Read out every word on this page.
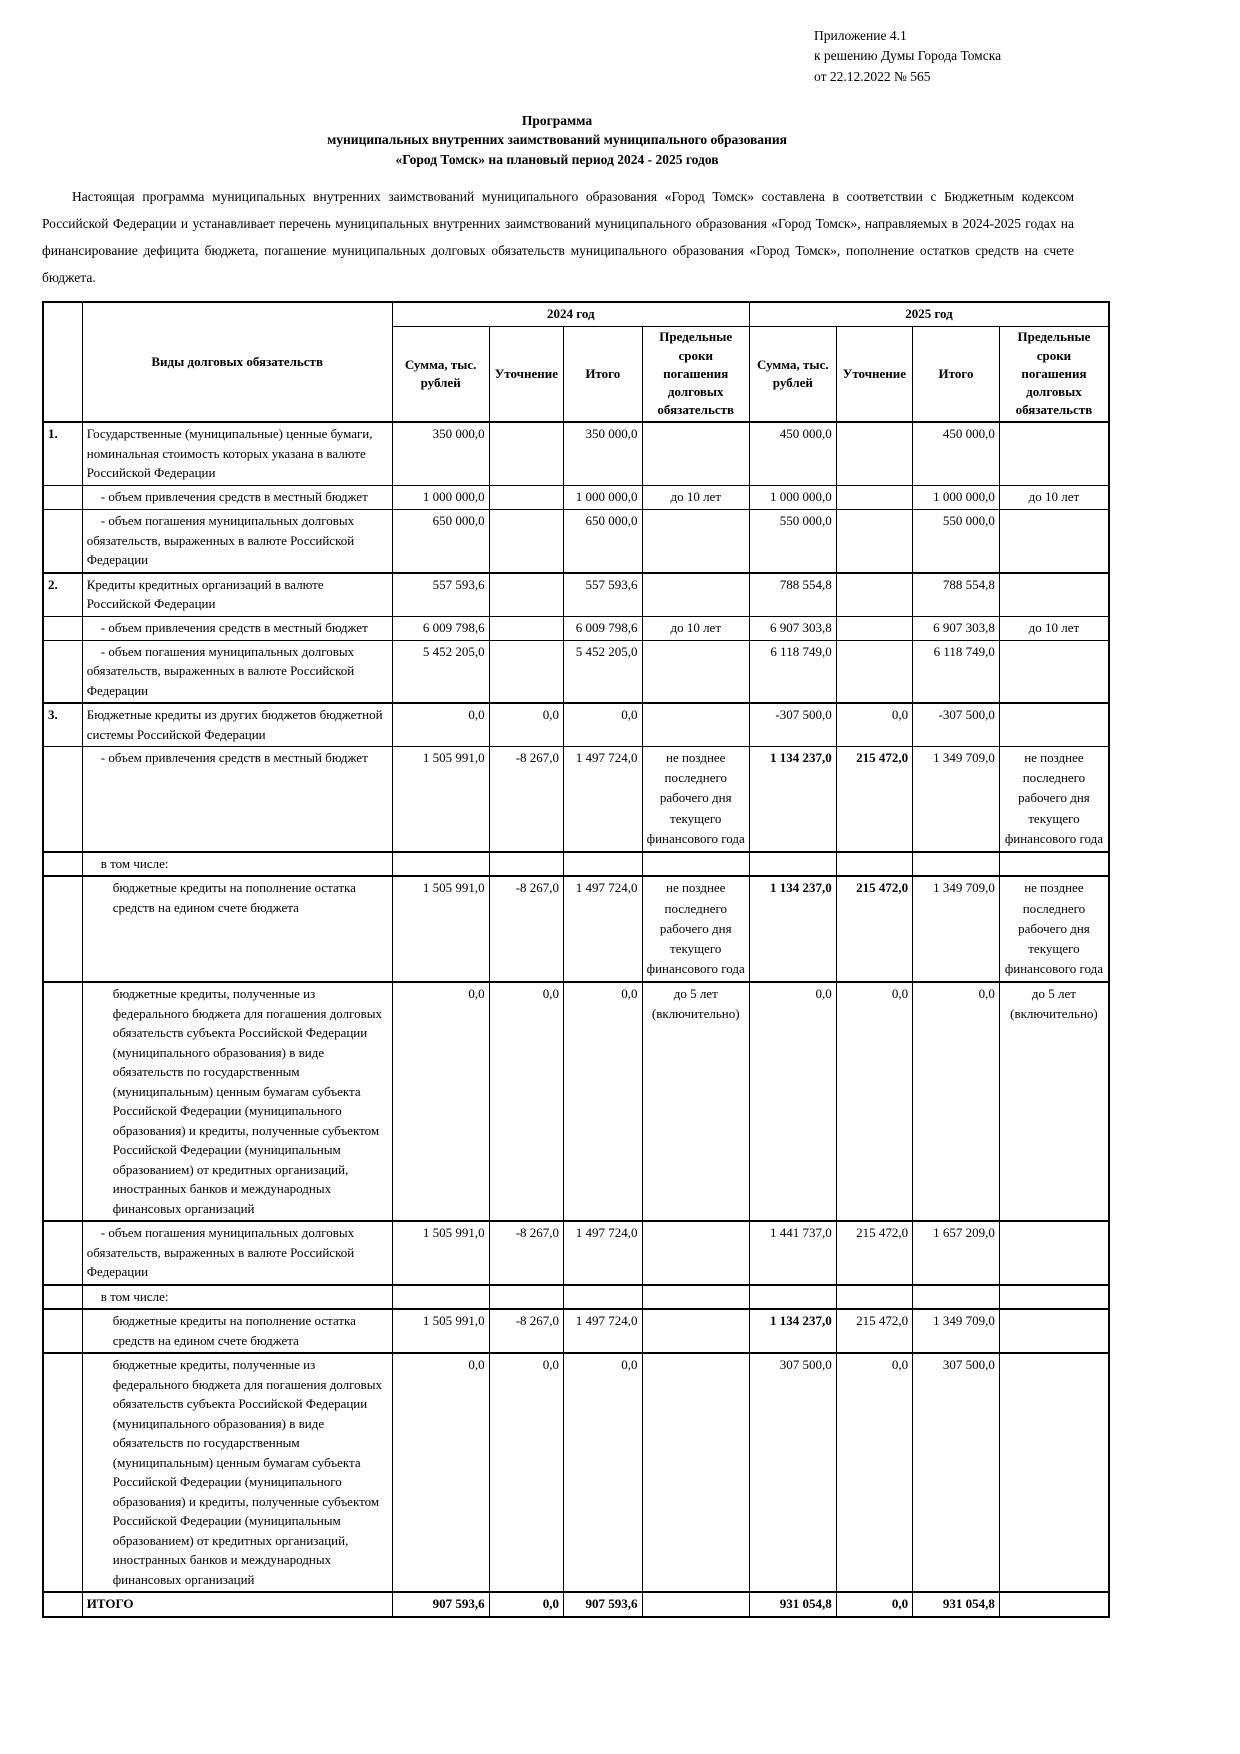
Приложение 4.1
к решению Думы Города Томска
от 22.12.2022 № 565
Программа
муниципальных внутренних заимствований муниципального образования
«Город Томск» на плановый период 2024 - 2025 годов
Настоящая программа муниципальных внутренних заимствований муниципального образования «Город Томск» составлена в соответствии с Бюджетным кодексом Российской Федерации и устанавливает перечень муниципальных внутренних заимствований муниципального образования «Город Томск», направляемых в 2024-2025 годах на финансирование дефицита бюджета, погашение муниципальных долговых обязательств муниципального образования «Город Томск», пополнение остатков средств на счете бюджета.
	Виды долговых обязательств	2024 год				2025 год			
		Сумма, тыс. рублей	Уточнение	Итого	Предельные сроки погашения долговых обязательств	Сумма, тыс. рублей	Уточнение	Итого	Предельные сроки погашения долговых обязательств
1.	Государственные (муниципальные) ценные бумаги, номинальная стоимость которых указана в валюте Российской Федерации	350 000,0		350 000,0		450 000,0		450 000,0	
	- объем привлечения средств в местный бюджет	1 000 000,0		1 000 000,0	до 10 лет	1 000 000,0		1 000 000,0	до 10 лет
	- объем погашения муниципальных долговых обязательств, выраженных в валюте Российской Федерации	650 000,0		650 000,0		550 000,0		550 000,0	
2.	Кредиты кредитных организаций в валюте Российской Федерации	557 593,6		557 593,6		788 554,8		788 554,8	
	- объем привлечения средств в местный бюджет	6 009 798,6		6 009 798,6	до 10 лет	6 907 303,8		6 907 303,8	до 10 лет
	- объем погашения муниципальных долговых обязательств, выраженных в валюте Российской Федерации	5 452 205,0		5 452 205,0		6 118 749,0		6 118 749,0	
3.	Бюджетные кредиты из других бюджетов бюджетной системы Российской Федерации	0,0	0,0	0,0		-307 500,0	0,0	-307 500,0	
	- объем привлечения средств в местный бюджет	1 505 991,0	-8 267,0	1 497 724,0	не позднее последнего рабочего дня текущего финансового года	1 134 237,0	215 472,0	1 349 709,0	не позднее последнего рабочего дня текущего финансового года
	в том числе:								
	бюджетные кредиты на пополнение остатка средств на едином счете бюджета	1 505 991,0	-8 267,0	1 497 724,0	не позднее последнего рабочего дня текущего финансового года	1 134 237,0	215 472,0	1 349 709,0	не позднее последнего рабочего дня текущего финансового года
	бюджетные кредиты, полученные из федерального бюджета для погашения долговых обязательств субъекта Российской Федерации (муниципального образования) в виде обязательств по государственным (муниципальным) ценным бумагам субъекта Российской Федерации (муниципального образования) и кредиты, полученные субъектом Российской Федерации (муниципальным образованием) от кредитных организаций, иностранных банков и международных финансовых организаций	0,0	0,0	0,0	до 5 лет (включительно)	0,0	0,0	0,0	до 5 лет (включительно)
	- объем погашения муниципальных долговых обязательств, выраженных в валюте Российской Федерации	1 505 991,0	-8 267,0	1 497 724,0		1 441 737,0	215 472,0	1 657 209,0	
	в том числе:								
	бюджетные кредиты на пополнение остатка средств на едином счете бюджета	1 505 991,0	-8 267,0	1 497 724,0		1 134 237,0	215 472,0	1 349 709,0	
	бюджетные кредиты, полученные из федерального бюджета для погашения долговых обязательств субъекта Российской Федерации (муниципального образования) в виде обязательств по государственным (муниципальным) ценным бумагам субъекта Российской Федерации (муниципального образования) и кредиты, полученные субъектом Российской Федерации (муниципальным образованием) от кредитных организаций, иностранных банков и международных финансовых организаций	0,0	0,0	0,0		307 500,0	0,0	307 500,0	
	ИТОГО	907 593,6	0,0	907 593,6		931 054,8	0,0	931 054,8	
